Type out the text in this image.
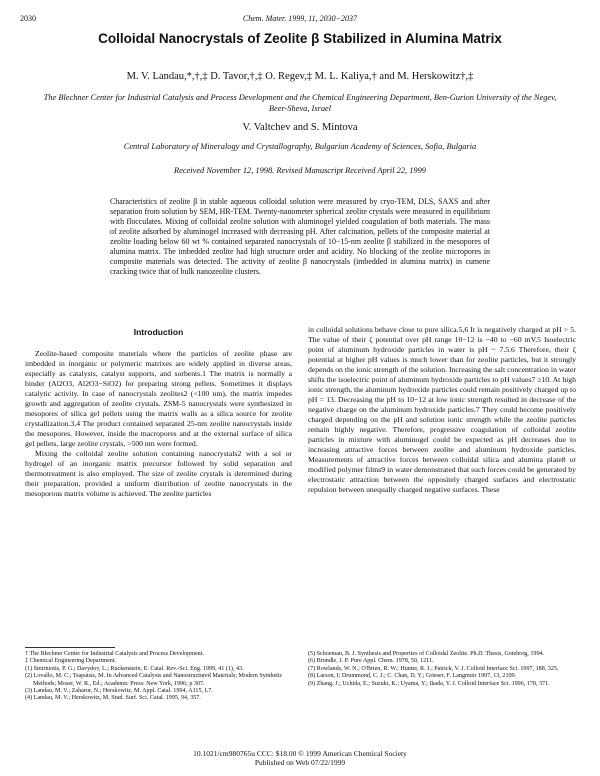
2030	Chem. Mater. 1999, 11, 2030−2037
Colloidal Nanocrystals of Zeolite β Stabilized in Alumina Matrix
M. V. Landau,*,†,‡ D. Tavor,†,‡ O. Regev,‡ M. L. Kaliya,† and M. Herskowitz†,‡
The Blechner Center for Industrial Catalysis and Process Development and the Chemical Engineering Department, Ben-Gurion University of the Negev, Beer-Sheva, Israel
V. Valtchev and S. Mintova
Central Laboratory of Mineralogy and Crystallography, Bulgarian Academy of Sciences, Sofia, Bulgaria
Received November 12, 1998. Revised Manuscript Received April 22, 1999
Characteristics of zeolite β in stable aqueous colloidal solution were measured by cryo-TEM, DLS, SAXS and after separation from solution by SEM, HR-TEM. Twenty-nanometer spherical zeolite crystals were measured in equilibrium with flocculates. Mixing of colloidal zeolite solution with aluminogel yielded coagulation of both materials. The mass of zeolite adsorbed by aluminogel increased with decreasing pH. After calcination, pellets of the composite material at zeolite loading below 60 wt % contained separated nanocrystals of 10−15-nm zeolite β stabilized in the mesopores of alumina matrix. The imbedded zeolite had high structure order and acidity. No blocking of the zeolite micropores in composite materials was detected. The activity of zeolite β nanocrystals (imbedded in alumina matrix) in cumene cracking twice that of bulk nanozeolite clusters.
Introduction

Zeolite-based composite materials where the particles of zeolite phase are imbedded in inorganic or polymeric matrixes are widely applied in diverse areas, especially as catalysts, catalyst supports, and sorbents.1 The matrix is normally a binder (Al2O3, Al2O3−SiO2) for preparing strong pellets. Sometimes it displays catalytic activity. In case of nanocrystals zeolites2 (<100 nm), the matrix impedes growth and aggregation of zeolite crystals. ZSM-5 nanocrystals were synthesized in mesopores of silica gel pellets using the matrix walls as a silica source for zeolite crystallization.3,4 The product contained separated 25-nm zeolite nanocrystals inside the mesopores. However, inside the macropores and at the external surface of silica gel pellets, large zeolite crystals, >500 nm were formed.

Mixing the colloidal zeolite solution containing nanocrystals2 with a sol or hydrogel of an inorganic matrix precursor followed by solid separation and thermotreatment is also employed. The size of zeolite crystals is determined during their preparation, provided a uniform distribution of zeolite nanocrystals in the mesoporous matrix volume is achieved. The zeolite particles

in colloidal solutions behave close to pure silica.5,6 It is negatively charged at pH > 5. The value of their ζ potential over pH range 10−12 is −40 to −60 mV.5 Isoelectric point of aluminum hydroxide particles in water is pH ~ 7.5.6 Therefore, their ζ potential at higher pH values is much lower than for zeolite particles, but it strongly depends on the ionic strength of the solution. Increasing the salt concentration in water shifts the isoelectric point of aluminum hydroxide particles to pH values7 ≥10. At high ionic strength, the aluminum hydroxide particles could remain positively charged up to pH = 13. Decreasing the pH to 10−12 at low ionic strength resulted in decrease of the negative charge on the aluminum hydroxide particles.7 They could become positively charged depending on the pH and solution ionic strength while the zeolite particles remain highly negative. Therefore, progressive coagulation of colloidal zeolite particles in mixture with aluminogel could be expected as pH decreases due to increasing attractive forces between zeolite and aluminum hydroxide particles. Measurements of attractive forces between colloidal silica and alumina plate8 or modified polymer films9 in water demonstrated that such forces could be generated by electrostatic attraction between the oppositely charged surfaces and electrostatic repulsion between unequally charged negative surfaces. These

† The Blechner Center for Industrial Catalysis and Process Development.
‡ Chemical Engineering Department.
(1) Smirniotis, P. G.; Davydov, L.; Ruckenstein, E. Catal. Rev.-Sci. Eng. 1999, 41 (1), 43.
(2) Lovallo, M. C.; Tsapatsis, M. In Advanced Catalysts and Nanostructured Materials; Modern Synthetic Methods; Moser, W. R., Ed.; Academic Press: New York, 1996; p 307.
(3) Landau, M. V.; Zaharur, N.; Herskowitz, M. Appl. Catal. 1994, A115, L7.
(4) Landau, M. V.; Herskowitz, M. Stud. Surf. Sci. Catal. 1995, 94, 357.
(5) Schoeman, B. J. Synthesis and Properties of Colloidal Zeolite. Ph.D. Thesis, Goteborg, 1994.
(6) Brundle, J. P. Pure Appl. Chem. 1978, 50, 1211.
(7) Rowlands, W. N.; O'Brien, R. W.; Hunter, R. J.; Patrick, V. J. Colloid Interface Sci. 1997, 188, 325.
(8) Larson, I; Drummond, C. J.; C. Chan, D. Y.; Grieser, F. Langmuir 1997, 13, 2109.
(9) Zhang, J.; Uchida, E.; Suzuki, K.; Uyama, Y.; Ikada, Y. J. Colloid Interface Sci. 1996, 178, 371.
10.1021/cm980765u CCC: $18.00 © 1999 American Chemical Society
Published on Web 07/22/1999
